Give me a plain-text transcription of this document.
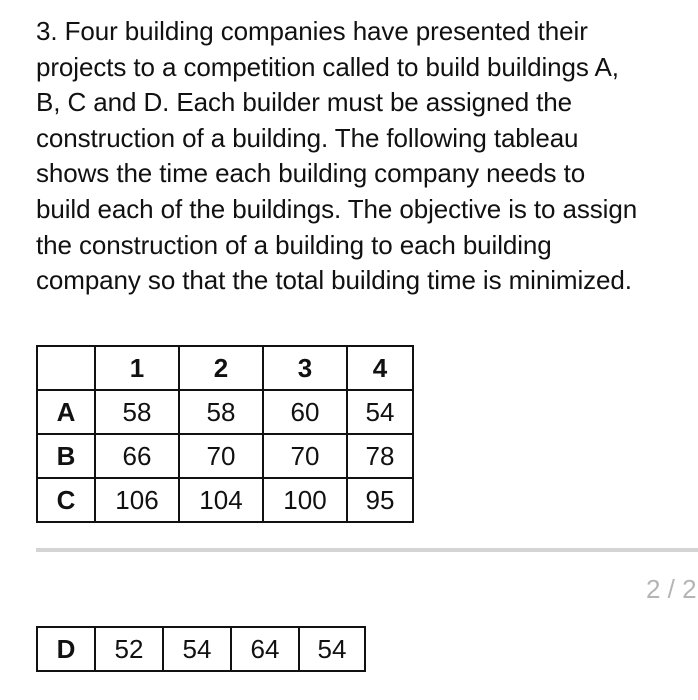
3. Four building companies have presented their
projects to a competition called to build buildings A,
B, C and D. Each builder must be assigned the
construction of a building. The following tableau
shows the time each building company needs to
build each of the buildings. The objective is to assign
the construction of a building to each building
company so that the total building time is minimized.
	1	2	3	4
A	58	58	60	54
B	66	70	70	78
C	106	104	100	95
2 / 2
D	52	54	64	54
